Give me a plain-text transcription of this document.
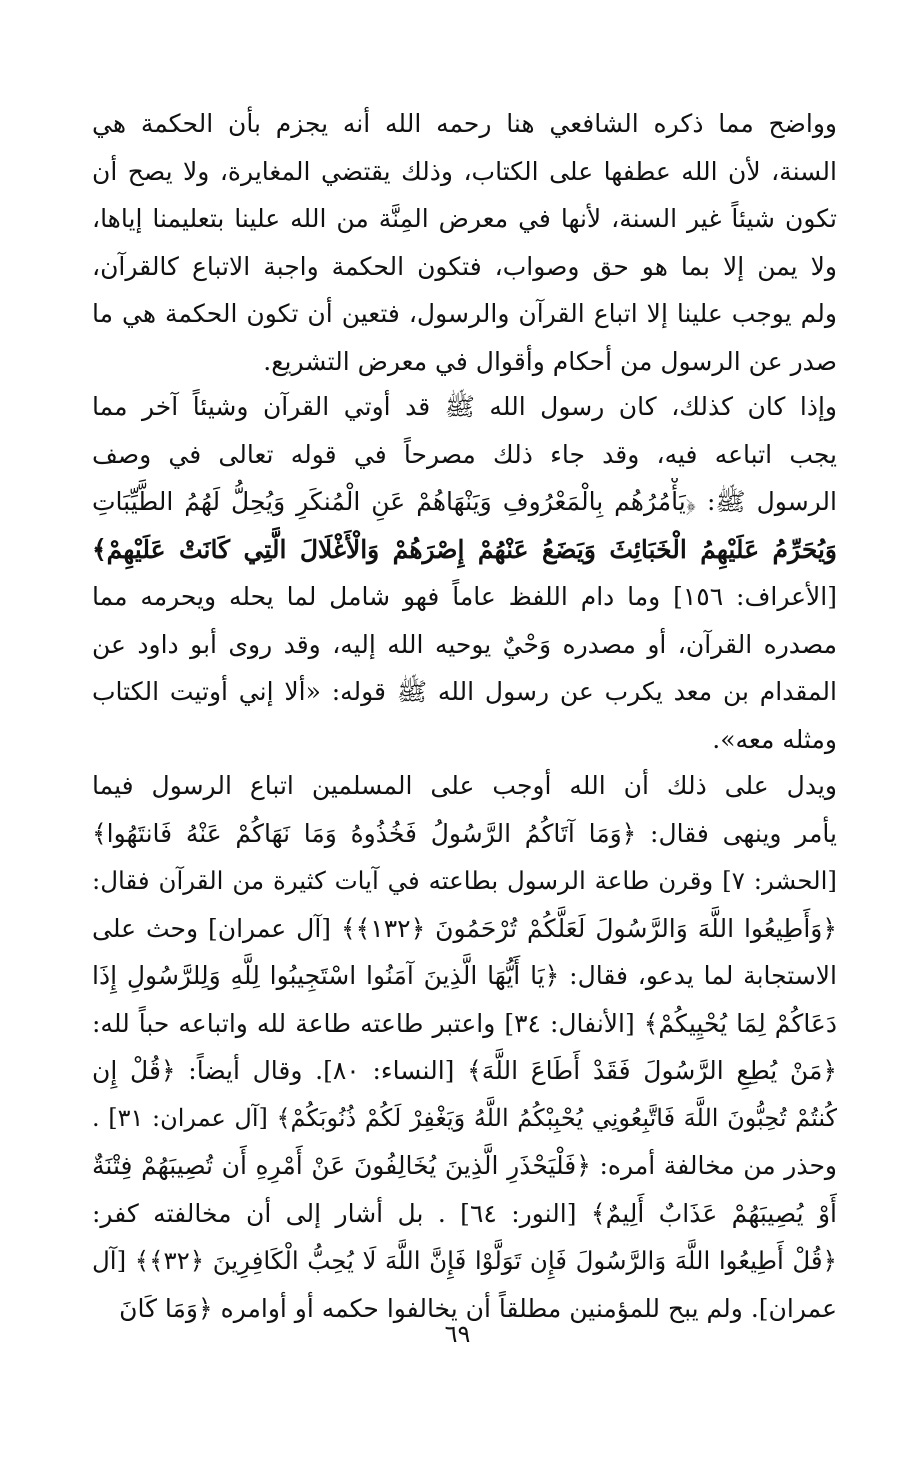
وواضح مما ذكره الشافعي هنا رحمه الله أنه يجزم بأن الحكمة هي
السنة، لأن الله عطفها على الكتاب، وذلك يقتضي المغايرة، ولا يصح أن
تكون شيئاً غير السنة، لأنها في معرض المِنَّة من الله علينا بتعليمنا إياها،
ولا يمن إلا بما هو حق وصواب، فتكون الحكمة واجبة الاتباع كالقرآن،
ولم يوجب علينا إلا اتباع القرآن والرسول، فتعين أن تكون الحكمة هي ما
صدر عن الرسول من أحكام وأقوال في معرض التشريع.
وإذا كان كذلك، كان رسول الله ﷺ قد أوتي القرآن وشيئاً آخر مما
يجب اتباعه فيه، وقد جاء ذلك مصرحاً في قوله تعالى في وصف
الرسول ﷺ: ﴿يَأْمُرُهُم بِالْمَعْرُوفِ وَيَنْهَاهُمْ عَنِ الْمُنكَرِ وَيُحِلُّ لَهُمُ الطَّيِّبَاتِ
وَيُحَرِّمُ عَلَيْهِمُ الْخَبَائِثَ وَيَضَعُ عَنْهُمْ إِصْرَهُمْ وَالْأَغْلَالَ الَّتِي كَانَتْ عَلَيْهِمْ﴾
[الأعراف: ١٥٦] وما دام اللفظ عاماً فهو شامل لما يحله ويحرمه مما
مصدره القرآن، أو مصدره وَحْيٌ يوحيه الله إليه، وقد روى أبو داود عن
المقدام بن معد يكرب عن رسول الله ﷺ قوله: «ألا إني أوتيت الكتاب
ومثله معه».
ويدل على ذلك أن الله أوجب على المسلمين اتباع الرسول فيما
يأمر وينهى فقال: ﴿وَمَا آتَاكُمُ الرَّسُولُ فَخُذُوهُ وَمَا نَهَاكُمْ عَنْهُ فَانتَهُوا﴾
[الحشر: ٧] وقرن طاعة الرسول بطاعته في آيات كثيرة من القرآن فقال:
﴿وَأَطِيعُوا اللَّهَ وَالرَّسُولَ لَعَلَّكُمْ تُرْحَمُونَ ﴿١٣٢﴾﴾ [آل عمران] وحث على
الاستجابة لما يدعو، فقال: ﴿يَا أَيُّهَا الَّذِينَ آمَنُوا اسْتَجِيبُوا لِلَّهِ وَلِلرَّسُولِ إِذَا
دَعَاكُمْ لِمَا يُحْيِيكُمْ﴾ [الأنفال: ٣٤] واعتبر طاعته طاعة لله واتباعه حباً لله:
﴿مَنْ يُطِعِ الرَّسُولَ فَقَدْ أَطَاعَ اللَّهَ﴾ [النساء: ٨٠]. وقال أيضاً: ﴿قُلْ إِن
كُنتُمْ تُحِبُّونَ اللَّهَ فَاتَّبِعُونِي يُحْبِبْكُمُ اللَّهُ وَيَغْفِرْ لَكُمْ ذُنُوبَكُمْ﴾ [آل عمران: ٣١] .
وحذر من مخالفة أمره: ﴿فَلْيَحْذَرِ الَّذِينَ يُخَالِفُونَ عَنْ أَمْرِهِ أَن تُصِيبَهُمْ فِتْنَةٌ
أَوْ يُصِيبَهُمْ عَذَابٌ أَلِيمٌ﴾ [النور: ٦٤] . بل أشار إلى أن مخالفته كفر:
﴿قُلْ أَطِيعُوا اللَّهَ وَالرَّسُولَ فَإِن تَوَلَّوْا فَإِنَّ اللَّهَ لَا يُحِبُّ الْكَافِرِينَ ﴿٣٢﴾﴾ [آل
عمران]. ولم يبح للمؤمنين مطلقاً أن يخالفوا حكمه أو أوامره ﴿وَمَا كَانَ
٦٩
